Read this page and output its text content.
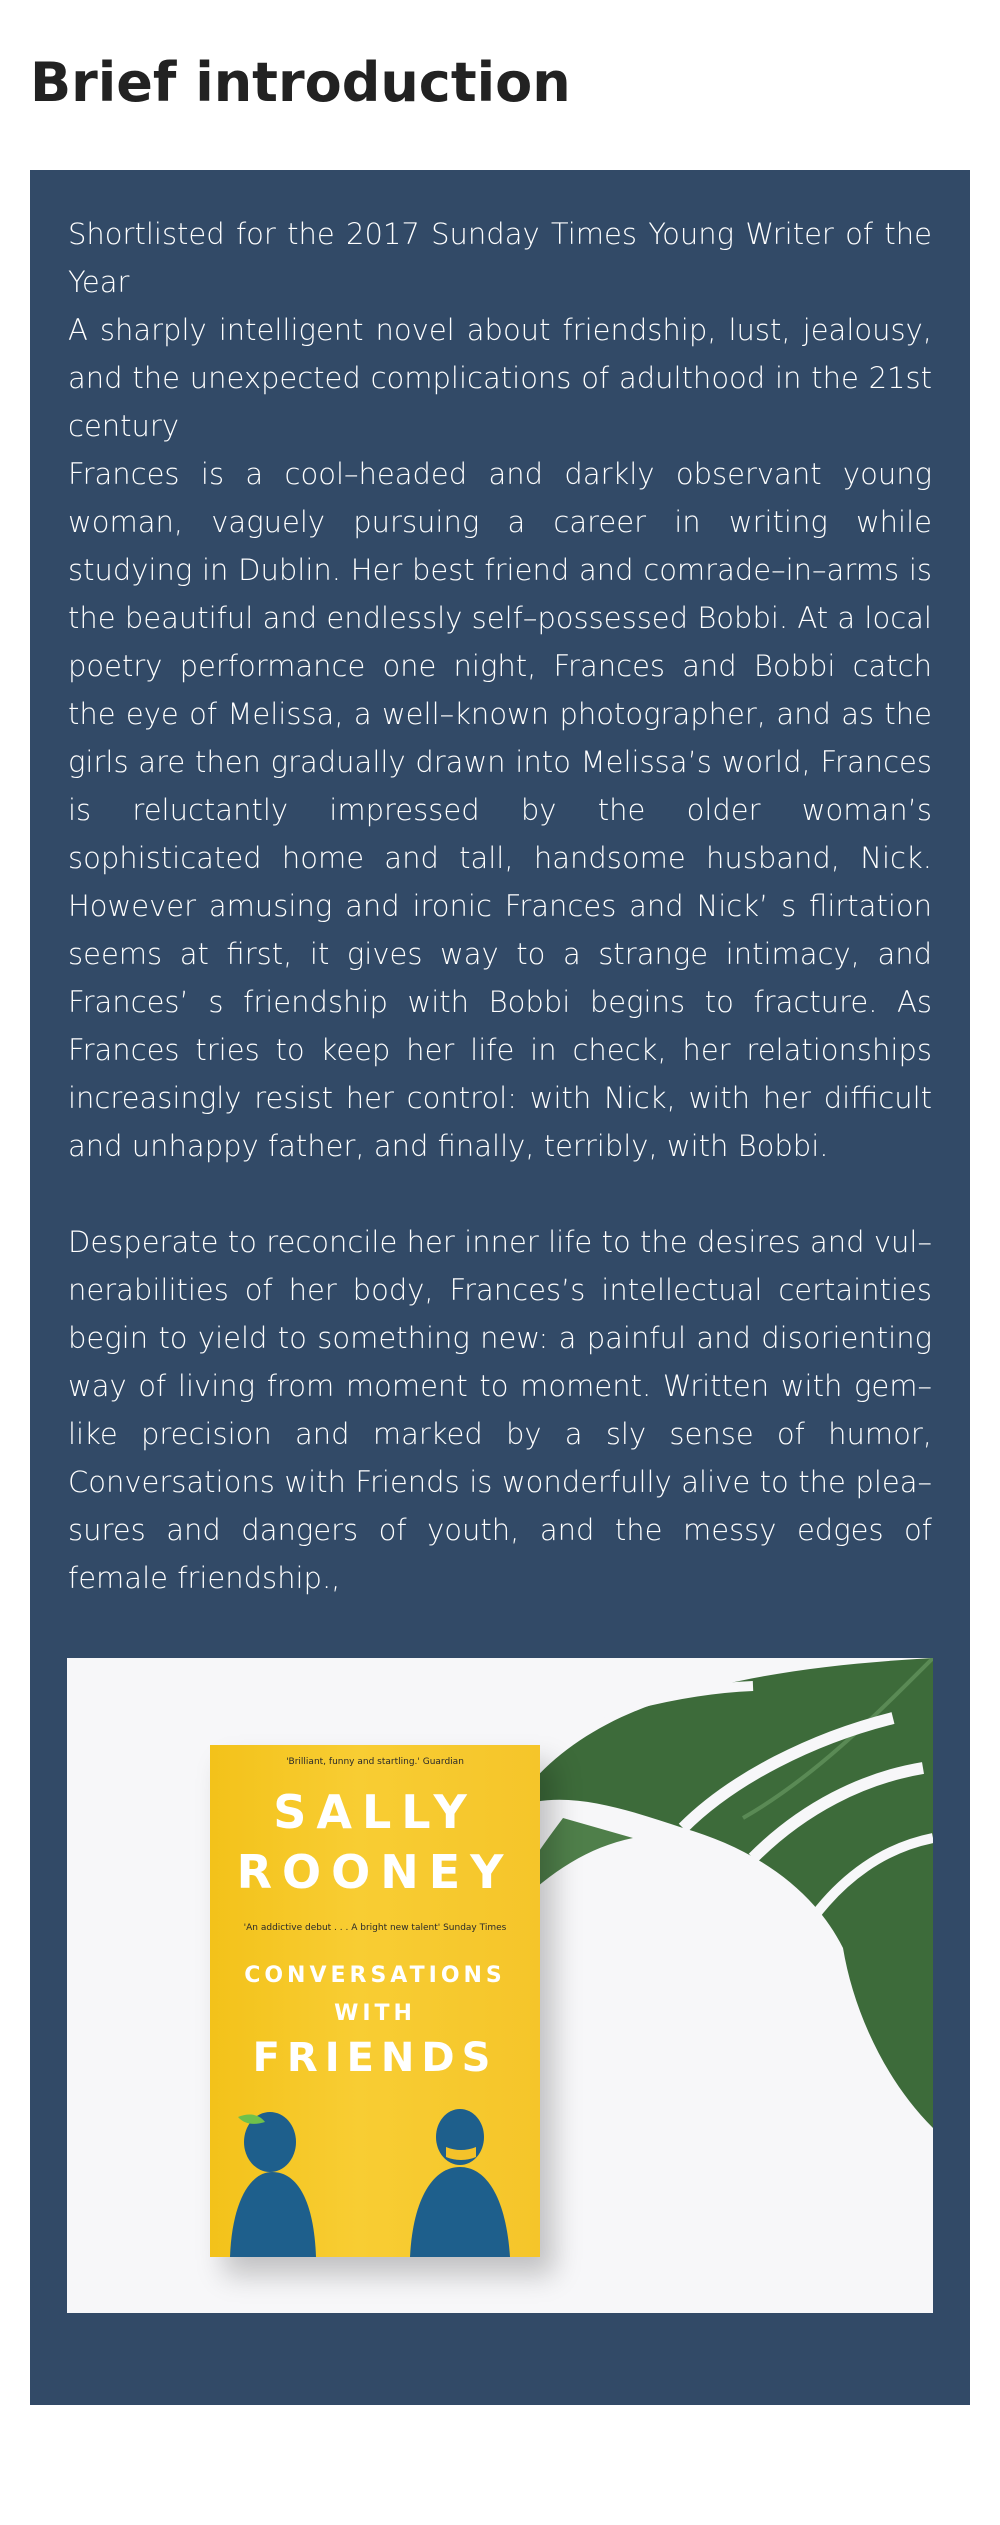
Brief introduction

Shortlisted for the 2017 Sunday Times Young Writer of the Year

A sharply intelligent novel about friendship, lust, jealousy, and the unexpected complications of adulthood in the 21st century

Frances is a cool–headed and darkly observant young woman, vaguely pursuing a career in writing while studying in Dublin. Her best friend and comrade–in–arms is the beautiful and endlessly self–possessed Bobbi. At a local poetry performance one night, Frances and Bobbi catch the eye of Melissa, a well–known photographer, and as the girls are then gradually drawn into Melissa’s world, Frances is reluctantly impressed by the older woman’s sophisticated home and tall, handsome husband, Nick. However amusing and ironic Frances and Nick’ s flirtation seems at first, it gives way to a strange intimacy, and Frances’ s friendship with Bobbi begins to fracture. As Frances tries to keep her life in check, her relationships increasingly resist her control: with Nick, with her difficult and unhappy father, and finally, terribly, with Bobbi.

Desperate to reconcile her inner life to the desires and vul–nerabilities of her body, Frances’s intellectual certainties begin to yield to something new: a painful and disorienting way of living from moment to moment. Written with gem–like precision and marked by a sly sense of humor, Conversations with Friends is wonderfully alive to the plea–sures and dangers of youth, and the messy edges of female friendship.,

'Brilliant, funny and startling.' Guardian
SALLY
ROONEY
'An addictive debut . . . A bright new talent' Sunday Times
CONVERSATIONS
WITH
FRIENDS
